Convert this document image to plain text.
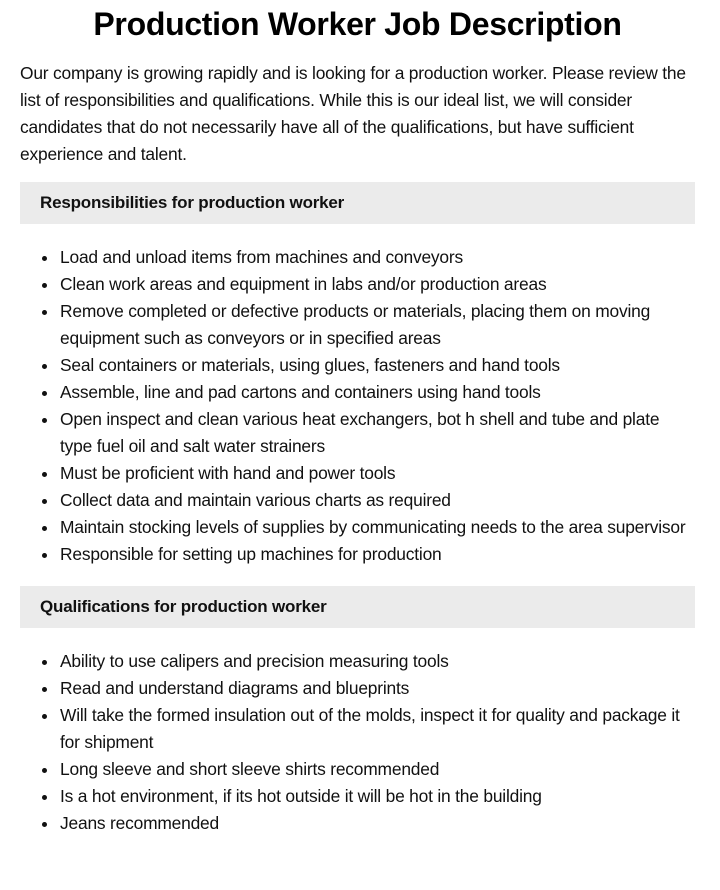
Production Worker Job Description

Our company is growing rapidly and is looking for a production worker. Please review the list of responsibilities and qualifications. While this is our ideal list, we will consider candidates that do not necessarily have all of the qualifications, but have sufficient experience and talent.

Responsibilities for production worker
Load and unload items from machines and conveyors
Clean work areas and equipment in labs and/or production areas
Remove completed or defective products or materials, placing them on moving equipment such as conveyors or in specified areas
Seal containers or materials, using glues, fasteners and hand tools
Assemble, line and pad cartons and containers using hand tools
Open inspect and clean various heat exchangers, bot h shell and tube and plate type fuel oil and salt water strainers
Must be proficient with hand and power tools
Collect data and maintain various charts as required
Maintain stocking levels of supplies by communicating needs to the area supervisor
Responsible for setting up machines for production
Qualifications for production worker
Ability to use calipers and precision measuring tools
Read and understand diagrams and blueprints
Will take the formed insulation out of the molds, inspect it for quality and package it for shipment
Long sleeve and short sleeve shirts recommended
Is a hot environment, if its hot outside it will be hot in the building
Jeans recommended
